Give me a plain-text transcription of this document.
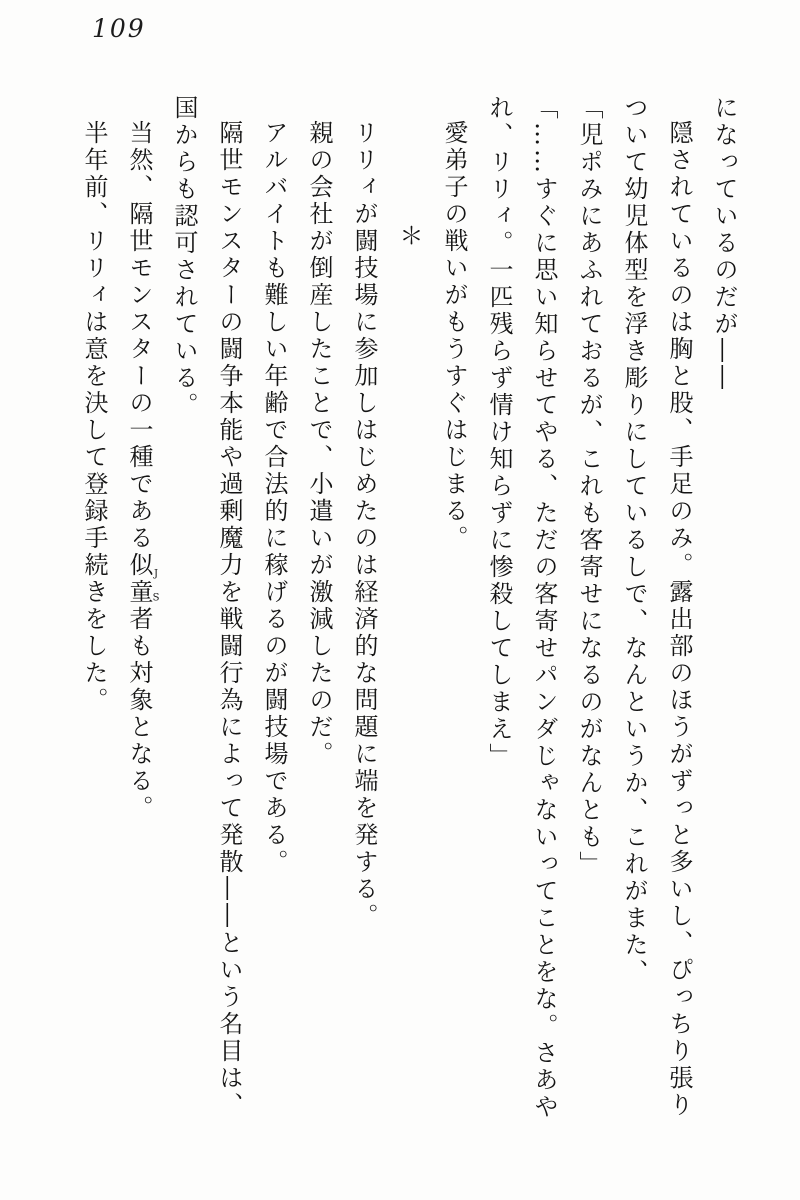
109
になっているのだが――
隠されているのは胸と股、手足のみ。露出部のほうがずっと多いし、ぴっちり張り
ついて幼児体型を浮き彫りにしているしで、なんというか、これがまた、
「児ポみにあふれておるが、これも客寄せになるのがなんとも」
「……すぐに思い知らせてやる、ただの客寄せパンダじゃないってことをな。さあや
れ、リリィ。一匹残らず情け知らずに惨殺してしまえ」
愛弟子の戦いがもうすぐはじまる。
＊
リリィが闘技場に参加しはじめたのは経済的な問題に端を発する。
親の会社が倒産したことで、小遣いが激減したのだ。
アルバイトも難しい年齢で合法的に稼げるのが闘技場である。
隔世モンスターの闘争本能や過剰魔力を戦闘行為によって発散――という名目は、
国からも認可されている。
当然、隔世モンスターの一種である似童者JSも対象となる。
半年前、リリィは意を決して登録手続きをした。
